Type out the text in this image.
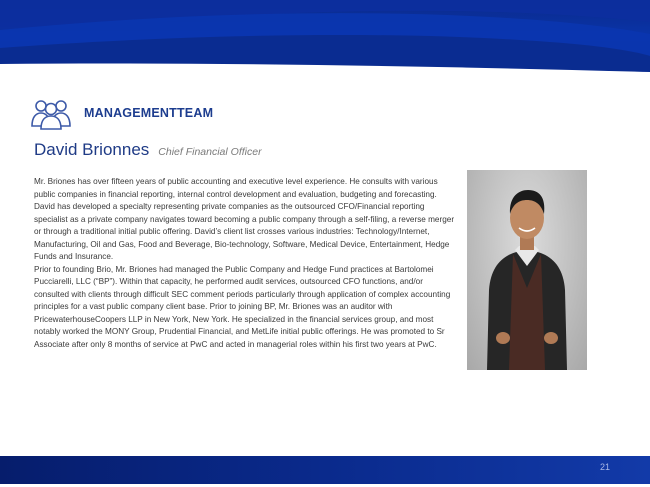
MANAGEMENTTEAM
David Brionnes Chief Financial Officer

Mr. Briones has over fifteen years of public accounting and executive level experience. He consults with various public companies in financial reporting, internal control development and evaluation, budgeting and forecasting. David has developed a specialty representing private companies as the outsourced CFO/Financial reporting specialist as a private company navigates toward becoming a public company through a self-filing, a reverse merger or through a traditional initial public offering. David’s client list crosses various industries: Technology/Internet, Manufacturing, Oil and Gas, Food and Beverage, Bio-technology, Software, Medical Device, Entertainment, Hedge Funds and Insurance.

Prior to founding Brio, Mr. Briones had managed the Public Company and Hedge Fund practices at Bartolomei Pucciarelli, LLC (“BP”). Within that capacity, he performed audit services, outsourced CFO functions, and/or consulted with clients through difficult SEC comment periods particularly through application of complex accounting principles for a vast public company client base. Prior to joining BP, Mr. Briones was an auditor with PricewaterhouseCoopers LLP in New York, New York. He specialized in the financial services group, and most notably worked the MONY Group, Prudential Financial, and MetLife initial public offerings. He was promoted to Sr Associate after only 8 months of service at PwC and acted in managerial roles within his first two years at PwC.

21
